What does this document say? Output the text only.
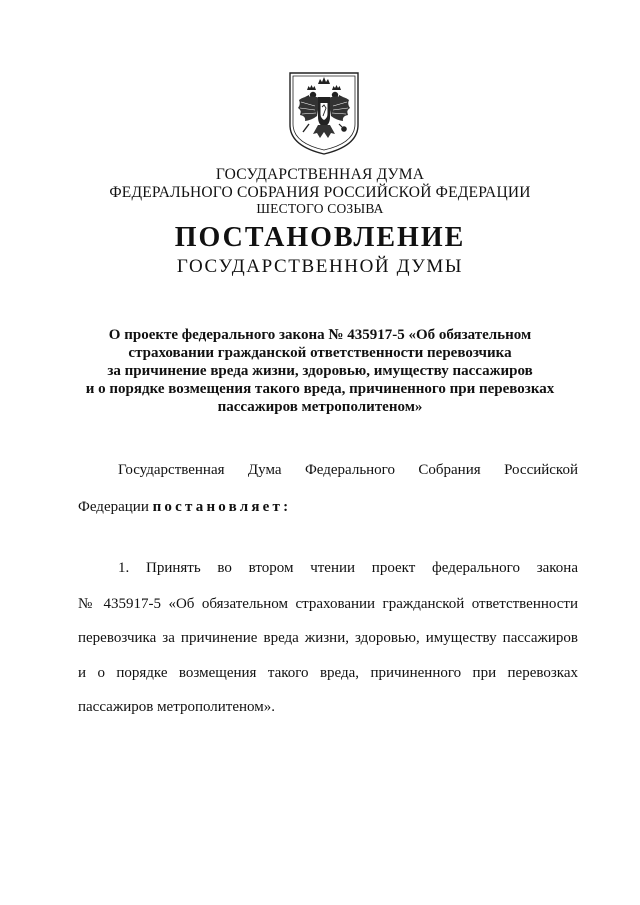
ГОСУДАРСТВЕННАЯ ДУМА
ФЕДЕРАЛЬНОГО СОБРАНИЯ РОССИЙСКОЙ ФЕДЕРАЦИИ
ШЕСТОГО СОЗЫВА
ПОСТАНОВЛЕНИЕ
ГОСУДАРСТВЕННОЙ ДУМЫ
О проекте федерального закона № 435917-5 «Об обязательном
страховании гражданской ответственности перевозчика
за причинение вреда жизни, здоровью, имуществу пассажиров
и о порядке возмещения такого вреда, причиненного при перевозках
пассажиров метрополитеном»
Государственная Дума Федерального Собрания Российской
Федерации постановляет:
1. Принять во втором чтении проект федерального закона
№ 435917-5 «Об обязательном страховании гражданской ответственности
перевозчика за причинение вреда жизни, здоровью, имуществу пассажиров
и о порядке возмещения такого вреда, причиненного при перевозках
пассажиров метрополитеном».
